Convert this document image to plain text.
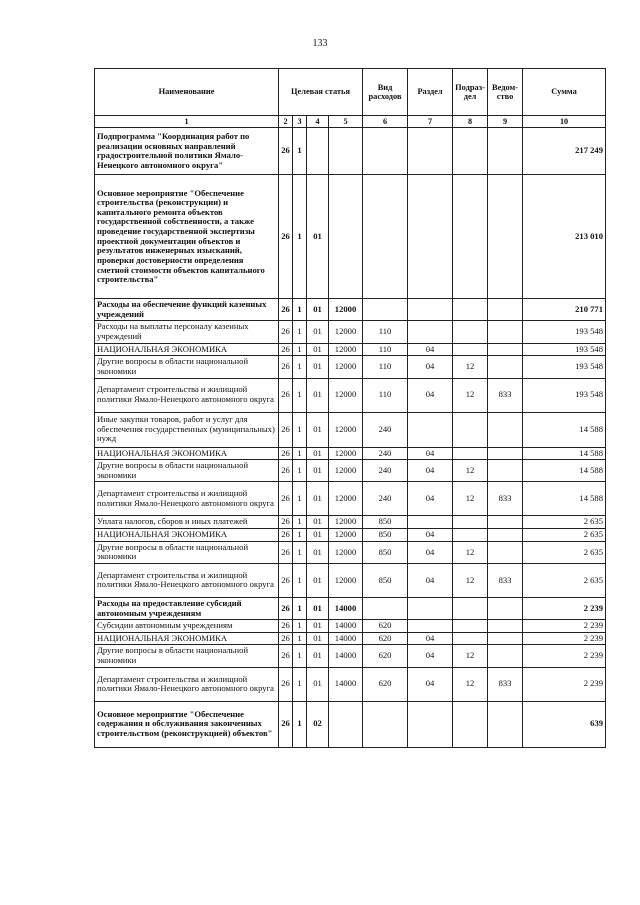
133
Наименование	Целевая статья				Вид расходов	Раздел	Подраз-дел	Ведом-ство	Сумма
1	2	3	4	5	6	7	8	9	10
Подпрограмма "Координация работ по реализации основных направлений градостроительной политики Ямало-Ненецкого автономного округа"	26	1							217 249
Основное мероприятие "Обеспечение строительства (реконструкции) и капитального ремонта объектов государственной собственности, а также проведение государственной экспертизы проектной документации объектов и результатов инженерных изысканий, проверки достоверности определения сметной стоимости объектов капитального строительства"	26	1	01						213 010
Расходы на обеспечение функций казенных учреждений	26	1	01	12000					210 771
Расходы на выплаты персоналу казенных учреждений	26	1	01	12000	110				193 548
НАЦИОНАЛЬНАЯ ЭКОНОМИКА	26	1	01	12000	110	04			193 548
Другие вопросы в области национальной экономики	26	1	01	12000	110	04	12		193 548
Департамент строительства и жилищной политики Ямало-Ненецкого автономного округа	26	1	01	12000	110	04	12	833	193 548
Иные закупки товаров, работ и услуг для обеспечения государственных (муниципальных) нужд	26	1	01	12000	240				14 588
НАЦИОНАЛЬНАЯ ЭКОНОМИКА	26	1	01	12000	240	04			14 588
Другие вопросы в области национальной экономики	26	1	01	12000	240	04	12		14 588
Департамент строительства и жилищной политики Ямало-Ненецкого автономного округа	26	1	01	12000	240	04	12	833	14 588
Уплата налогов, сборов и иных платежей	26	1	01	12000	850				2 635
НАЦИОНАЛЬНАЯ ЭКОНОМИКА	26	1	01	12000	850	04			2 635
Другие вопросы в области национальной экономики	26	1	01	12000	850	04	12		2 635
Департамент строительства и жилищной политики Ямало-Ненецкого автономного округа	26	1	01	12000	850	04	12	833	2 635
Расходы на предоставление субсидий автономным учреждениям	26	1	01	14000					2 239
Субсидии автономным учреждениям	26	1	01	14000	620				2 239
НАЦИОНАЛЬНАЯ ЭКОНОМИКА	26	1	01	14000	620	04			2 239
Другие вопросы в области национальной экономики	26	1	01	14000	620	04	12		2 239
Департамент строительства и жилищной политики Ямало-Ненецкого автономного округа	26	1	01	14000	620	04	12	833	2 239
Основное мероприятие "Обеспечение содержания и обслуживания законченных строительством (реконструкцией) объектов"	26	1	02						639
